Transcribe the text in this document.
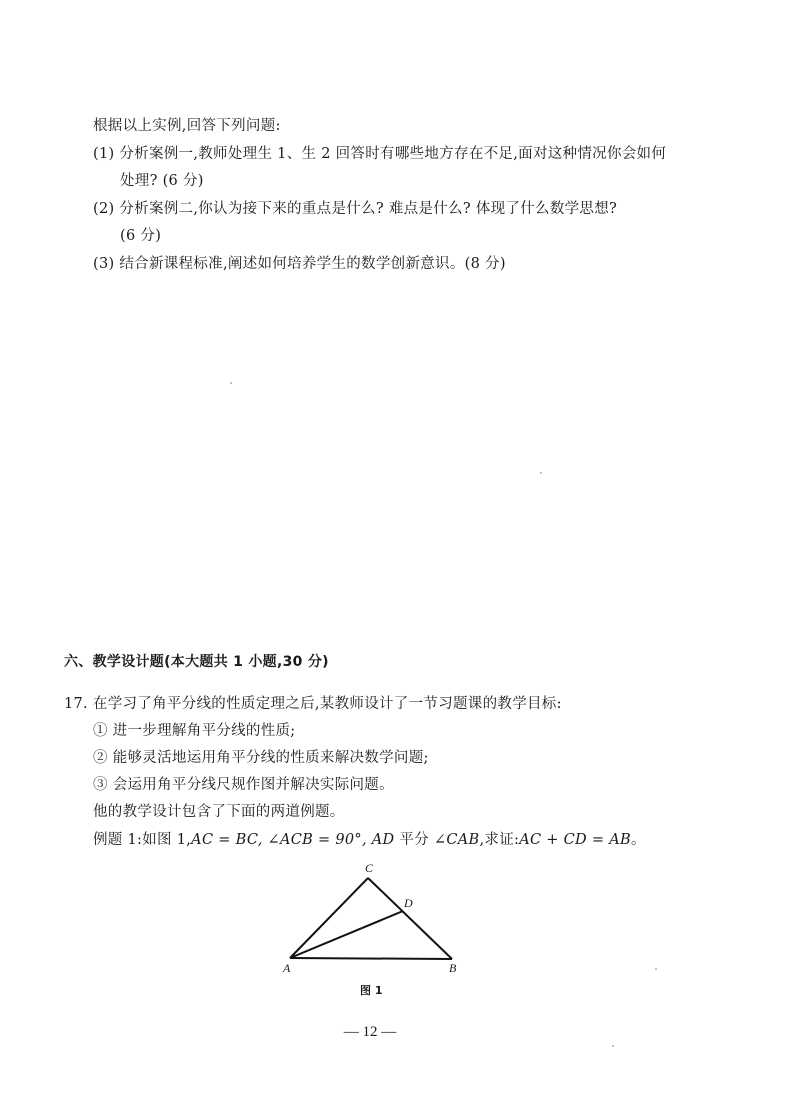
根据以上实例,回答下列问题:
(1) 分析案例一,教师处理生 1、生 2 回答时有哪些地方存在不足,面对这种情况你会如何
处理? (6 分)
(2) 分析案例二,你认为接下来的重点是什么? 难点是什么? 体现了什么数学思想?
(6 分)
(3) 结合新课程标准,阐述如何培养学生的数学创新意识。(8 分)
六、教学设计题(本大题共 1 小题,30 分)
17. 在学习了角平分线的性质定理之后,某教师设计了一节习题课的教学目标:
① 进一步理解角平分线的性质;
② 能够灵活地运用角平分线的性质来解决数学问题;
③ 会运用角平分线尺规作图并解决实际问题。
他的教学设计包含了下面的两道例题。
例题 1:如图 1,AC = BC, ∠ACB = 90°, AD 平分 ∠CAB,求证:AC + CD = AB。
C
D
A	B
图 1
— 12 —
